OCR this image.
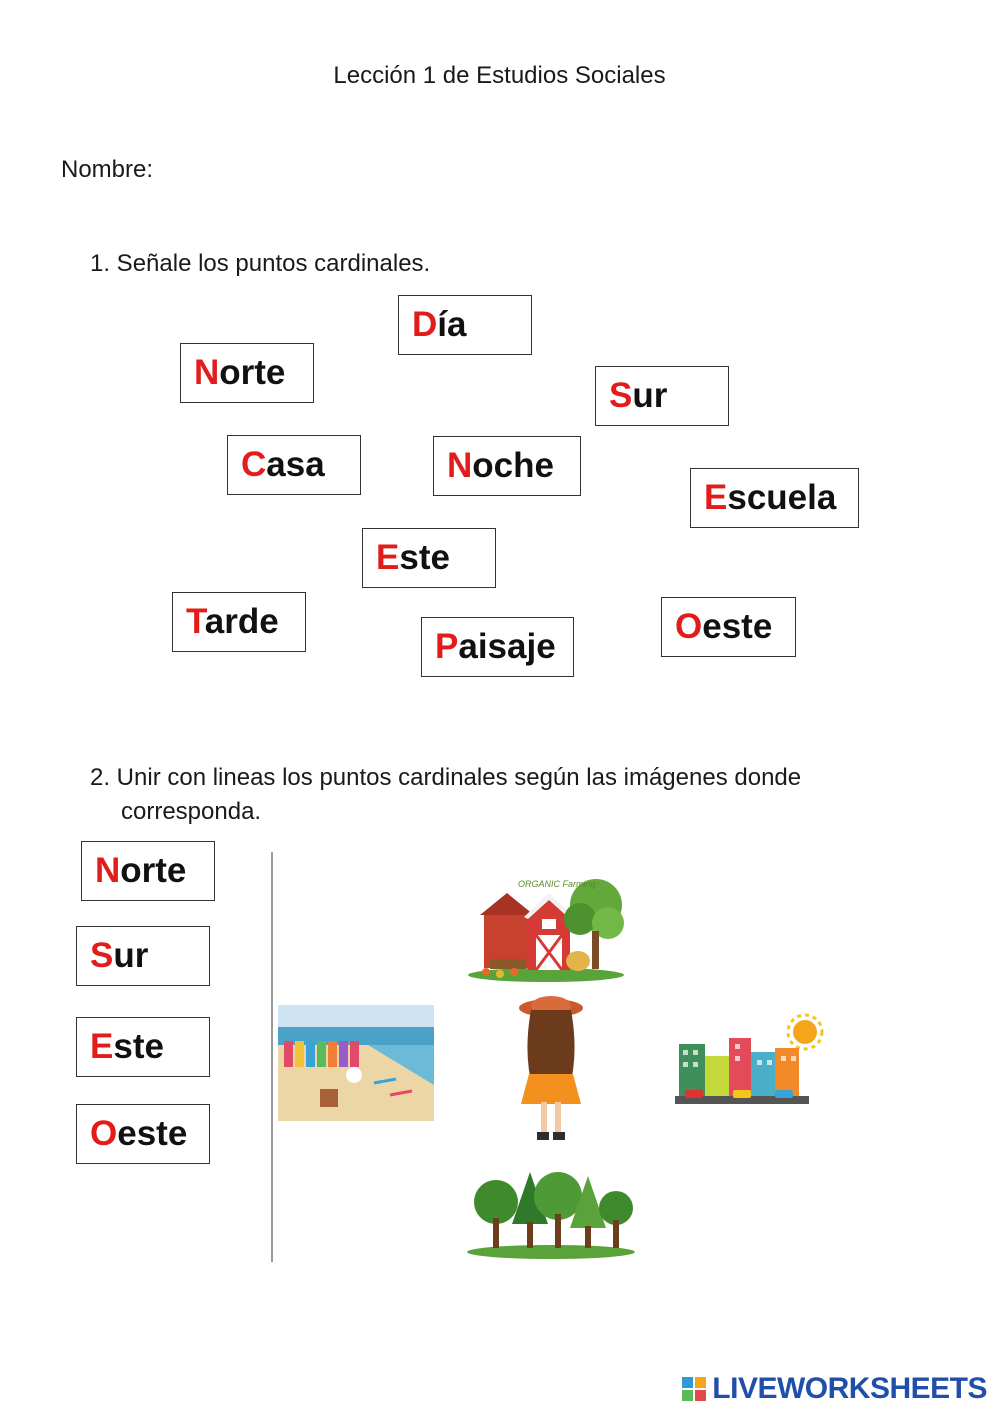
Lección 1 de Estudios Sociales
Nombre:
1. Señale los puntos cardinales.
Día
Norte
Sur
Casa	Noche
Escuela
Este
Tarde
Paisaje
Oeste
2. Unir con lineas los puntos cardinales según las imágenes donde
corresponda.
Norte
Sur
Este
Oeste
ORGANIC Farming
LIVEWORKSHEETS
